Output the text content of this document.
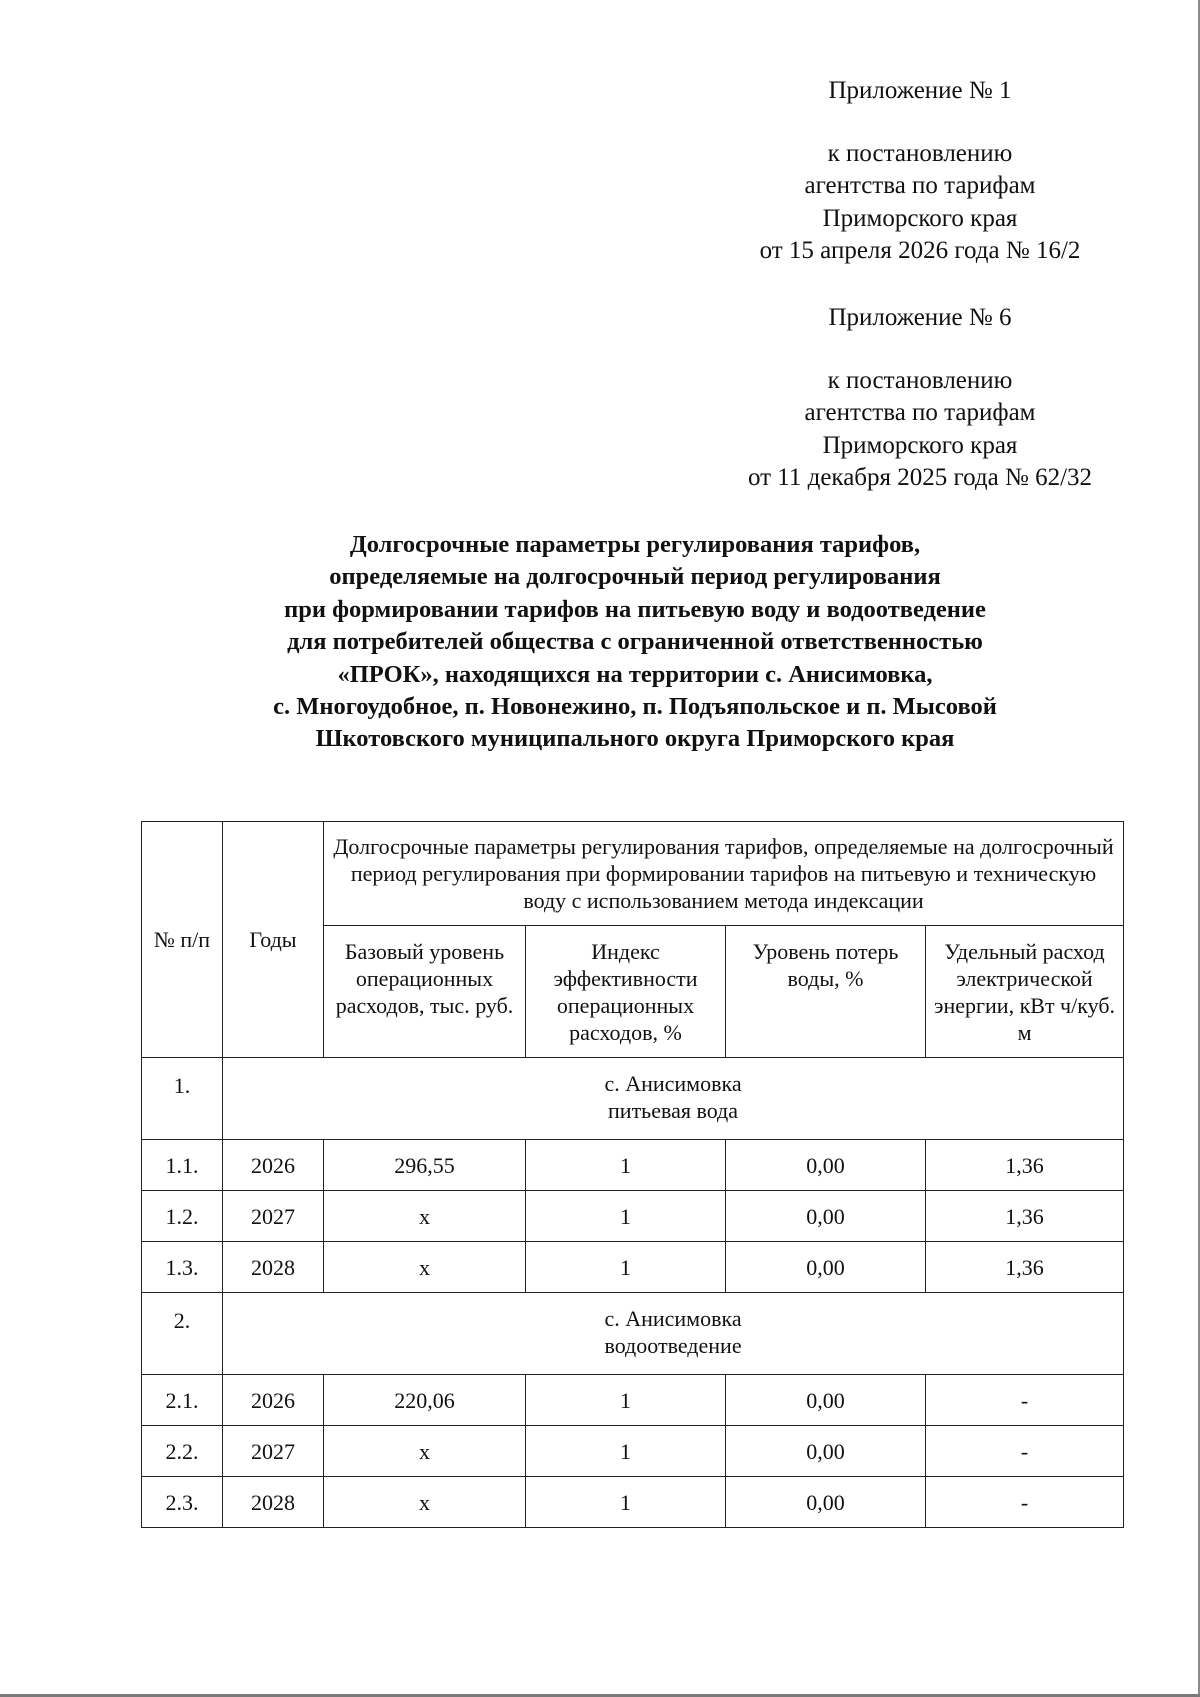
Приложение № 1

к постановлению

агентства по тарифам

Приморского края

от 15 апреля 2026 года № 16/2

Приложение № 6

к постановлению

агентства по тарифам

Приморского края

от 11 декабря 2025 года № 62/32

Долгосрочные параметры регулирования тарифов,

определяемые на долгосрочный период регулирования

при формировании тарифов на питьевую воду и водоотведение

для потребителей общества с ограниченной ответственностью

«ПРОК», находящихся на территории с. Анисимовка,

с. Многоудобное, п. Новонежино, п. Подъяпольское и п. Мысовой

Шкотовского муниципального округа Приморского края

№ п/п	Годы	Долгосрочные параметры регулирования тарифов, определяемые на долгосрочный период регулирования при формировании тарифов на питьевую и техническую воду с использованием метода индексации			
		Базовый уровень операционных расходов, тыс. руб.	Индекс эффективности операционных расходов, %	Уровень потерь воды, %	Удельный расход электрической энергии, кВт ч/куб. м
1.	с. Анисимовка
питьевая вода				

1.1.	2026	296,55	1	0,00	1,36
1.2.	2027	х	1	0,00	1,36
1.3.	2028	х	1	0,00	1,36
2.	с. Анисимовка
водоотведение				

2.1.	2026	220,06	1	0,00	-
2.2.	2027	х	1	0,00	-
2.3.	2028	х	1	0,00	-
